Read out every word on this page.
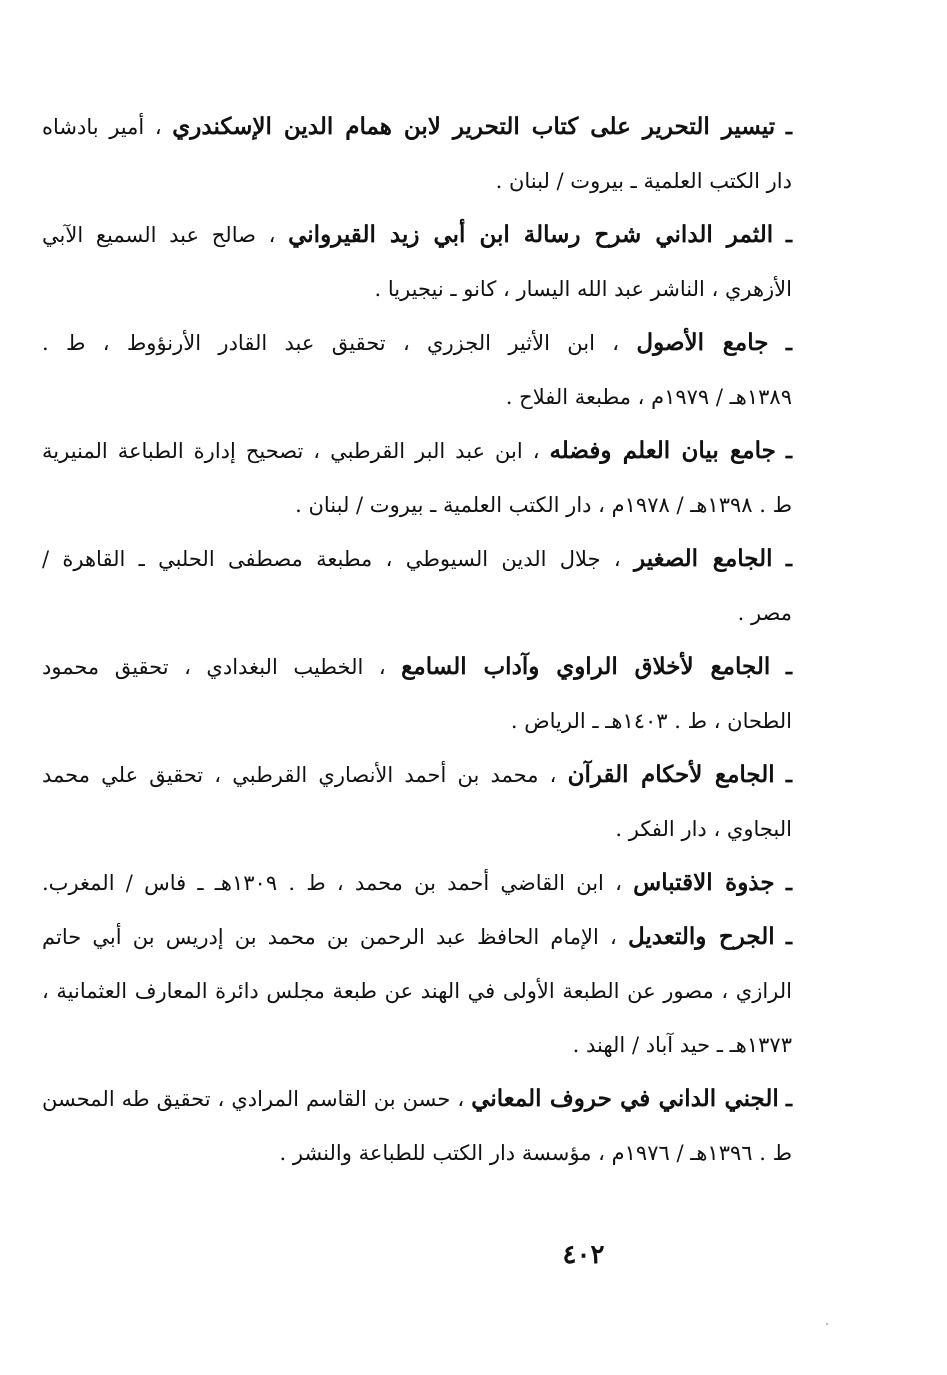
ـ تيسير التحرير على كتاب التحرير لابن همام الدين الإسكندري ، أمير بادشاه
دار الكتب العلمية ـ بيروت / لبنان .
ـ الثمر الداني شرح رسالة ابن أبي زيد القيرواني ، صالح عبد السميع الآبي
الأزهري ، الناشر عبد الله اليسار ، كانو ـ نيجيريا .
ـ جامع الأصول ، ابن الأثير الجزري ، تحقيق عبد القادر الأرنؤوط ، ط .
١٣٨٩هـ / ١٩٧٩م ، مطبعة الفلاح .
ـ جامع بيان العلم وفضله ، ابن عبد البر القرطبي ، تصحيح إدارة الطباعة المنيرية
ط . ١٣٩٨هـ / ١٩٧٨م ، دار الكتب العلمية ـ بيروت / لبنان .
ـ الجامع الصغير ، جلال الدين السيوطي ، مطبعة مصطفى الحلبي ـ القاهرة /
مصر .
ـ الجامع لأخلاق الراوي وآداب السامع ، الخطيب البغدادي ، تحقيق محمود
الطحان ، ط . ١٤٠٣هـ ـ الرياض .
ـ الجامع لأحكام القرآن ، محمد بن أحمد الأنصاري القرطبي ، تحقيق علي محمد
البجاوي ، دار الفكر .
ـ جذوة الاقتباس ، ابن القاضي أحمد بن محمد ، ط . ١٣٠٩هـ ـ فاس / المغرب.
ـ الجرح والتعديل ، الإمام الحافظ عبد الرحمن بن محمد بن إدريس بن أبي حاتم
الرازي ، مصور عن الطبعة الأولى في الهند عن طبعة مجلس دائرة المعارف العثمانية ،
١٣٧٣هـ ـ حيد آباد / الهند .
ـ الجني الداني في حروف المعاني ، حسن بن القاسم المرادي ، تحقيق طه المحسن
ط . ١٣٩٦هـ / ١٩٧٦م ، مؤسسة دار الكتب للطباعة والنشر .
٤٠٢
